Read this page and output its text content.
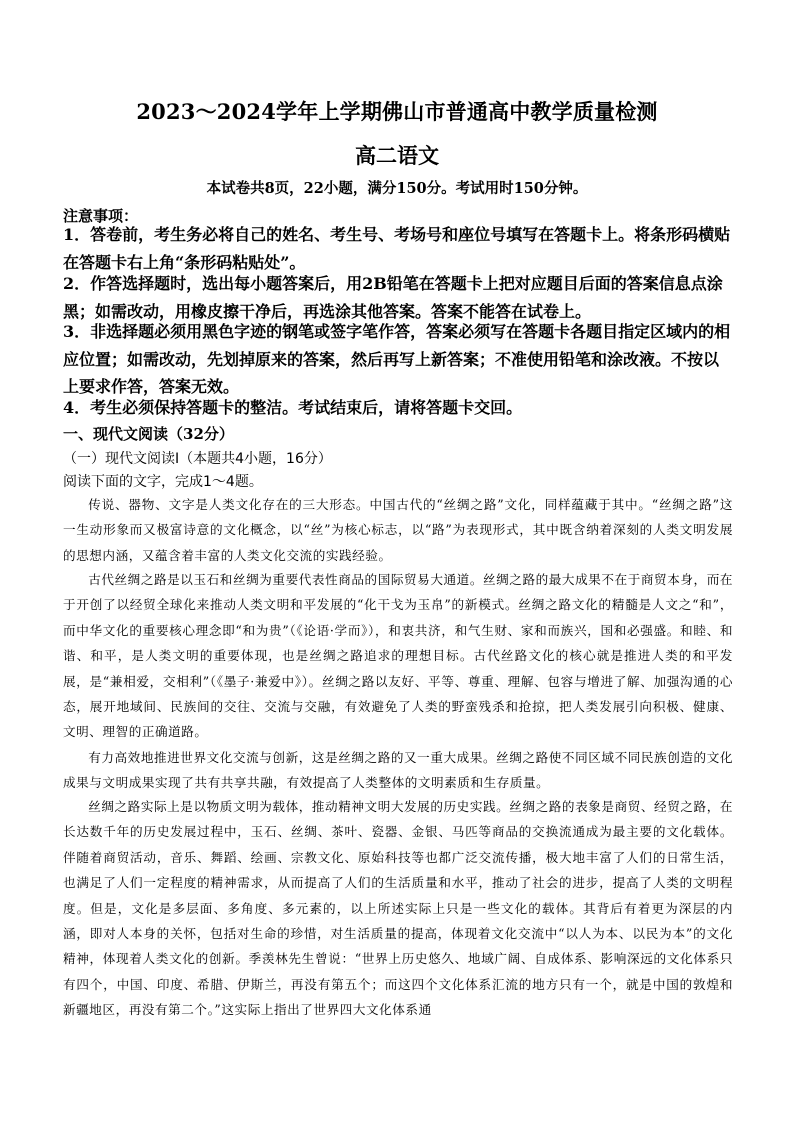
2023～2024学年上学期佛山市普通高中教学质量检测
高二语文
本试卷共8页，22小题，满分150分。考试用时150分钟。
注意事项：

1．答卷前，考生务必将自己的姓名、考生号、考场号和座位号填写在答题卡上。将条形码横贴在答题卡右上角“条形码粘贴处”。

2．作答选择题时，选出每小题答案后，用2B铅笔在答题卡上把对应题目后面的答案信息点涂黑；如需改动，用橡皮擦干净后，再选涂其他答案。答案不能答在试卷上。

3．非选择题必须用黑色字迹的钢笔或签字笔作答，答案必须写在答题卡各题目指定区域内的相应位置；如需改动，先划掉原来的答案，然后再写上新答案；不准使用铅笔和涂改液。不按以上要求作答，答案无效。

4．考生必须保持答题卡的整洁。考试结束后，请将答题卡交回。

一、现代文阅读（32分）
（一）现代文阅读Ⅰ（本题共4小题，16分）
阅读下面的文字，完成1～4题。

传说、器物、文字是人类文化存在的三大形态。中国古代的“丝绸之路”文化，同样蕴藏于其中。“丝绸之路”这一生动形象而又极富诗意的文化概念，以“丝”为核心标志，以“路”为表现形式，其中既含纳着深刻的人类文明发展的思想内涵，又蕴含着丰富的人类文化交流的实践经验。

古代丝绸之路是以玉石和丝绸为重要代表性商品的国际贸易大通道。丝绸之路的最大成果不在于商贸本身，而在于开创了以经贸全球化来推动人类文明和平发展的“化干戈为玉帛”的新模式。丝绸之路文化的精髓是人文之“和”，而中华文化的重要核心理念即“和为贵”（《论语·学而》），和衷共济，和气生财、家和而族兴，国和必强盛。和睦、和谐、和平，是人类文明的重要体现，也是丝绸之路追求的理想目标。古代丝路文化的核心就是推进人类的和平发展，是“兼相爱，交相利”（《墨子·兼爱中》）。丝绸之路以友好、平等、尊重、理解、包容与增进了解、加强沟通的心态，展开地域间、民族间的交往、交流与交融，有效避免了人类的野蛮残杀和抢掠，把人类发展引向积极、健康、文明、理智的正确道路。

有力高效地推进世界文化交流与创新，这是丝绸之路的又一重大成果。丝绸之路使不同区域不同民族创造的文化成果与文明成果实现了共有共享共融，有效提高了人类整体的文明素质和生存质量。

丝绸之路实际上是以物质文明为载体，推动精神文明大发展的历史实践。丝绸之路的表象是商贸、经贸之路，在长达数千年的历史发展过程中，玉石、丝绸、茶叶、瓷器、金银、马匹等商品的交换流通成为最主要的文化载体。伴随着商贸活动，音乐、舞蹈、绘画、宗教文化、原始科技等也都广泛交流传播，极大地丰富了人们的日常生活，也满足了人们一定程度的精神需求，从而提高了人们的生活质量和水平，推动了社会的进步，提高了人类的文明程度。但是，文化是多层面、多角度、多元素的，以上所述实际上只是一些文化的载体。其背后有着更为深层的内涵，即对人本身的关怀，包括对生命的珍惜，对生活质量的提高，体现着文化交流中“以人为本、以民为本”的文化精神，体现着人类文化的创新。季羡林先生曾说：“世界上历史悠久、地域广阔、自成体系、影响深远的文化体系只有四个，中国、印度、希腊、伊斯兰，再没有第五个；而这四个文化体系汇流的地方只有一个，就是中国的敦煌和新疆地区，再没有第二个。”这实际上指出了世界四大文化体系通
